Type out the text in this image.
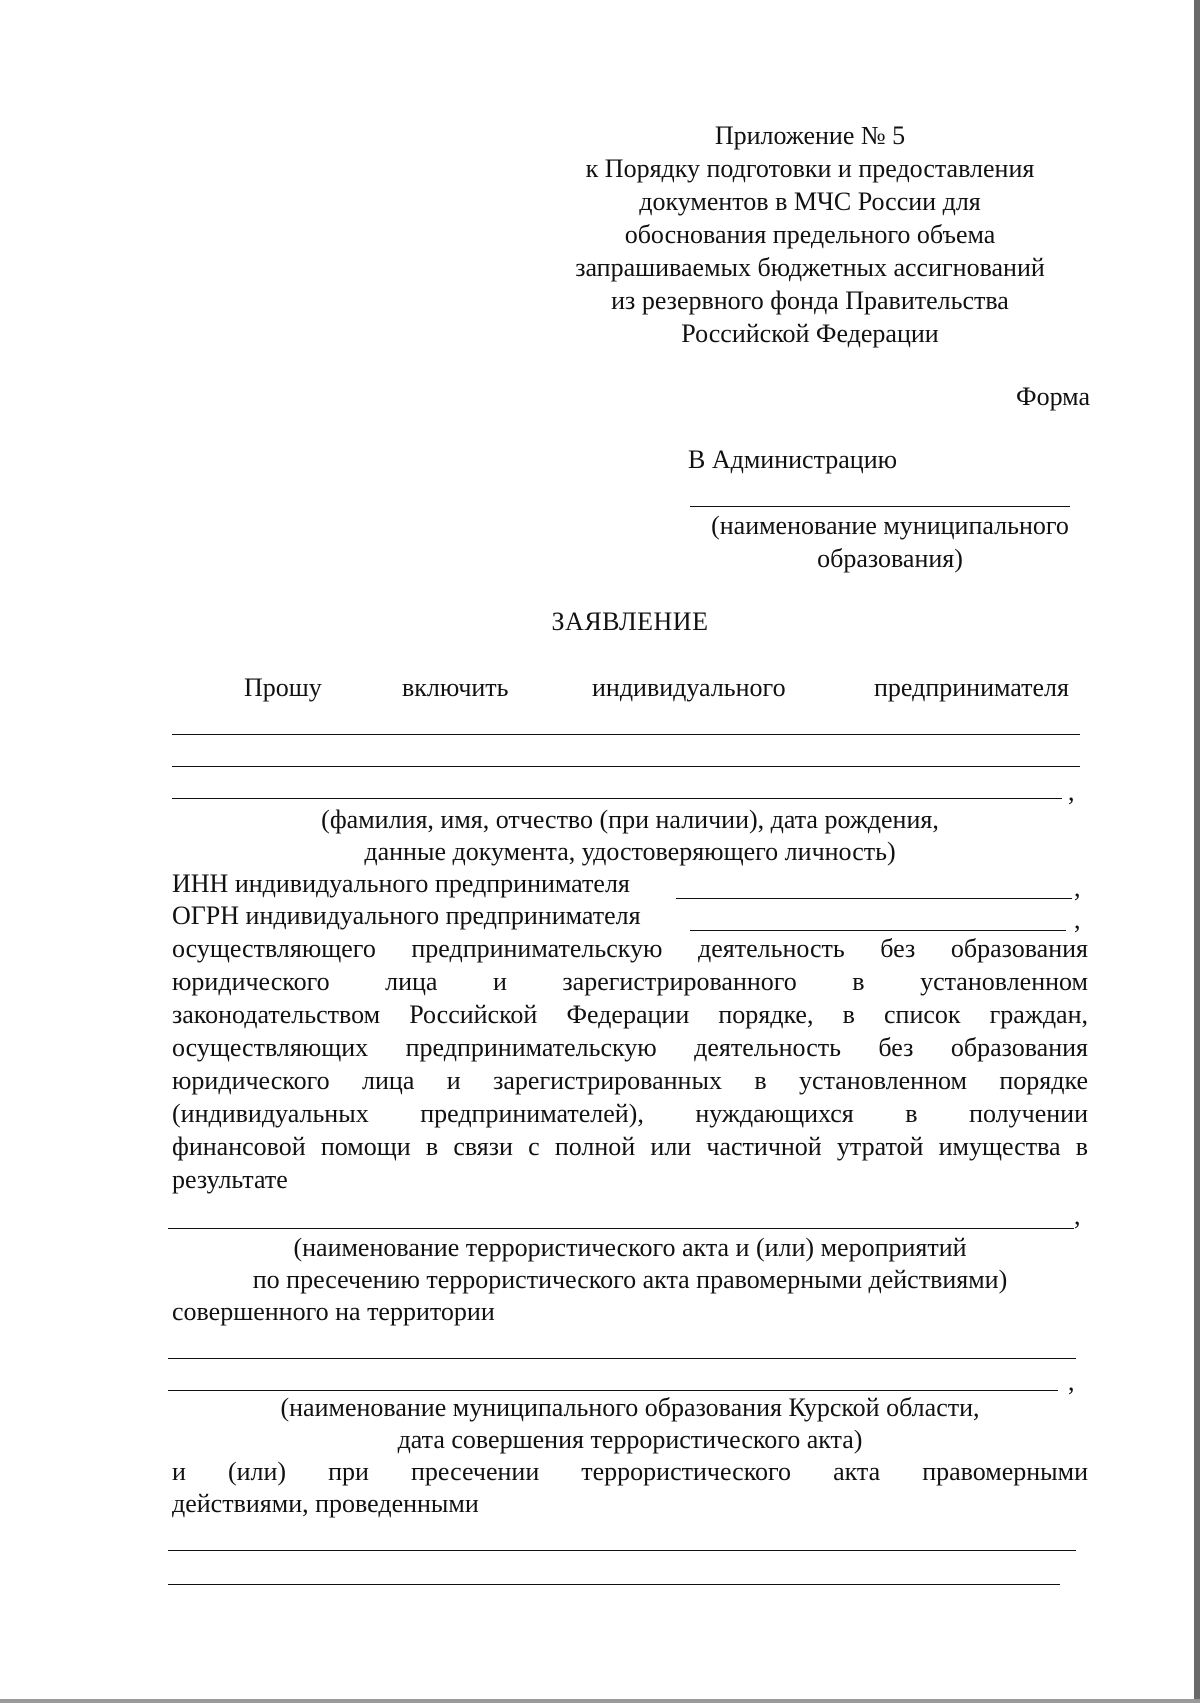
Приложение № 5
к Порядку подготовки и предоставления
документов в МЧС России для
обоснования предельного объема
запрашиваемых бюджетных ассигнований
из резервного фонда Правительства
Российской Федерации
Форма
В Администрацию
(наименование муниципального
образования)
ЗАЯВЛЕНИЕ
Прошу	включить	индивидуального	предпринимателя
,
(фамилия, имя, отчество (при наличии), дата рождения,
данные документа, удостоверяющего личность)
ИНН индивидуального предпринимателя	,
ОГРН индивидуального предпринимателя	,
осуществляющего предпринимательскую деятельность без образования
юридического лица и зарегистрированного в установленном
законодательством Российской Федерации порядке, в список граждан,
осуществляющих предпринимательскую деятельность без образования
юридического лица и зарегистрированных в установленном порядке
(индивидуальных предпринимателей), нуждающихся в получении
финансовой помощи в связи с полной или частичной утратой имущества в
результате
,
(наименование террористического акта и (или) мероприятий
по пресечению террористического акта правомерными действиями)
совершенного на территории
,
(наименование муниципального образования Курской области,
дата совершения террористического акта)
и (или) при пресечении террористического акта правомерными
действиями, проведенными
